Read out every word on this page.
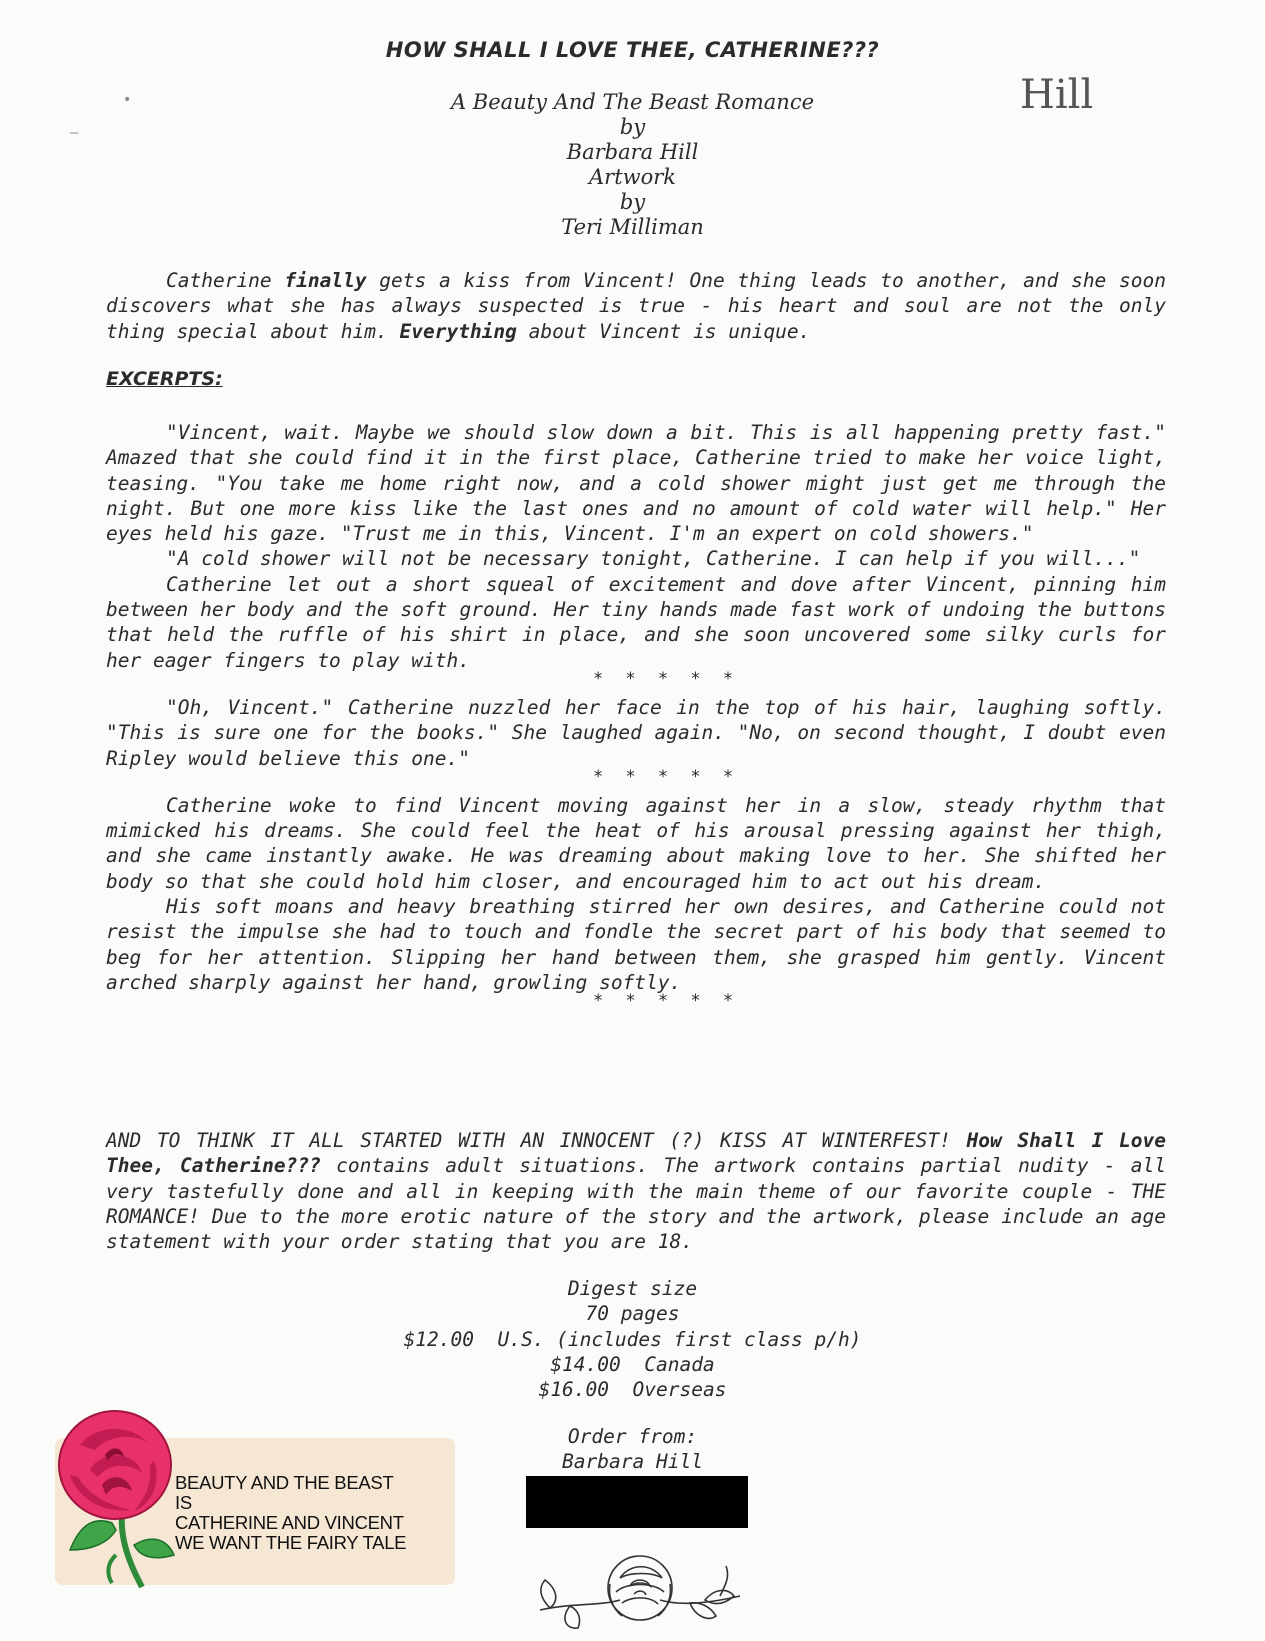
HOW SHALL I LOVE THEE, CATHERINE???
A Beauty And The Beast Romance
by
Barbara Hill
Artwork
by
Teri Milliman
Hill
•
—

Catherine finally gets a kiss from Vincent! One thing leads to another, and she soon discovers what she has always suspected is true - his heart and soul are not the only thing special about him. Everything about Vincent is unique.

EXCERPTS:

"Vincent, wait. Maybe we should slow down a bit. This is all happening pretty fast." Amazed that she could find it in the first place, Catherine tried to make her voice light, teasing. "You take me home right now, and a cold shower might just get me through the night. But one more kiss like the last ones and no amount of cold water will help." Her eyes held his gaze. "Trust me in this, Vincent. I'm an expert on cold showers."

"A cold shower will not be necessary tonight, Catherine. I can help if you will..."

Catherine let out a short squeal of excitement and dove after Vincent, pinning him between her body and the soft ground. Her tiny hands made fast work of undoing the buttons that held the ruffle of his shirt in place, and she soon uncovered some silky curls for her eager fingers to play with.

* * * * *

"Oh, Vincent." Catherine nuzzled her face in the top of his hair, laughing softly. "This is sure one for the books." She laughed again. "No, on second thought, I doubt even Ripley would believe this one."

* * * * *

Catherine woke to find Vincent moving against her in a slow, steady rhythm that mimicked his dreams. She could feel the heat of his arousal pressing against her thigh, and she came instantly awake. He was dreaming about making love to her. She shifted her body so that she could hold him closer, and encouraged him to act out his dream.

His soft moans and heavy breathing stirred her own desires, and Catherine could not resist the impulse she had to touch and fondle the secret part of his body that seemed to beg for her attention. Slipping her hand between them, she grasped him gently. Vincent arched sharply against her hand, growling softly.

* * * * *

AND TO THINK IT ALL STARTED WITH AN INNOCENT (?) KISS AT WINTERFEST! How Shall I Love Thee, Catherine??? contains adult situations. The artwork contains partial nudity - all very tastefully done and all in keeping with the main theme of our favorite couple - THE ROMANCE! Due to the more erotic nature of the story and the artwork, please include an age statement with your order stating that you are 18.

Digest size
70 pages
$12.00  U.S. (includes first class p/h)
$14.00  Canada
$16.00  Overseas
Order from:
Barbara Hill
BEAUTY AND THE BEAST
IS
CATHERINE AND VINCENT
WE WANT THE FAIRY TALE
